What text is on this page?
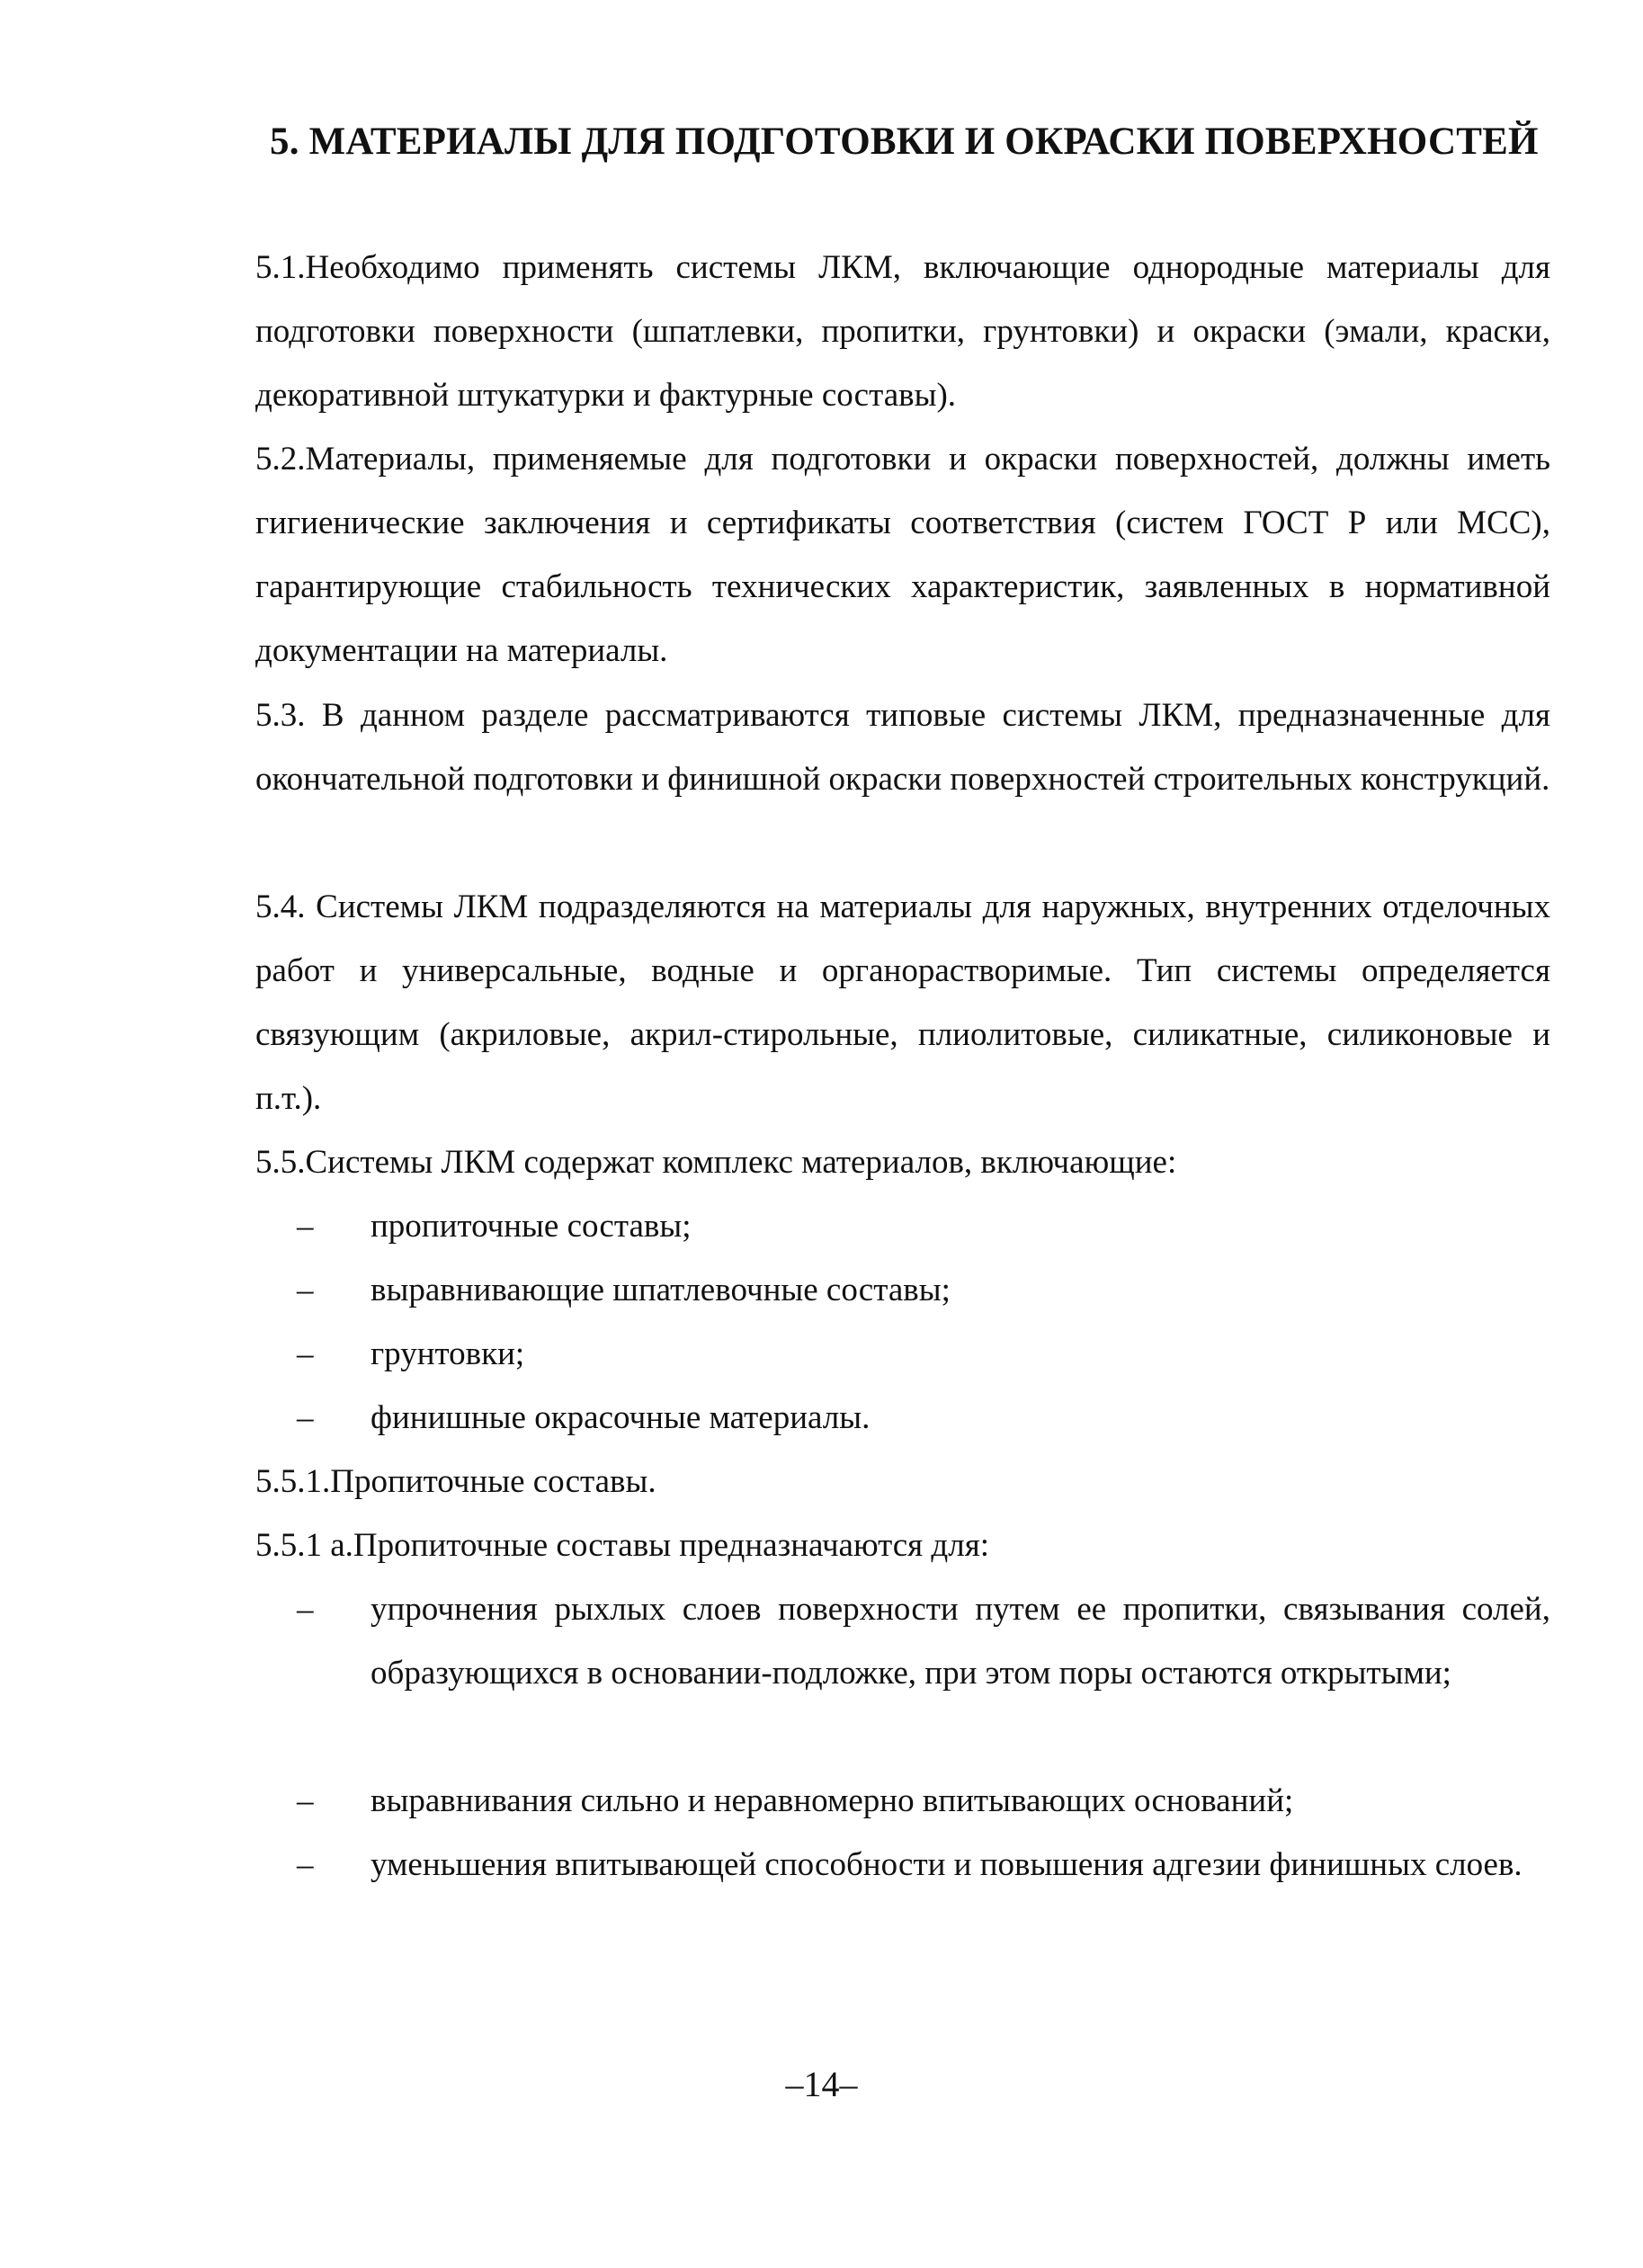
5. МАТЕРИАЛЫ ДЛЯ ПОДГОТОВКИ И ОКРАСКИ ПОВЕРХНОСТЕЙ
5.1.Необходимо применять системы ЛКМ, включающие однородные материалы для подготовки поверхности (шпатлевки, пропитки, грунтовки) и окраски (эмали, краски, декоративной штукатурки и фактурные составы).
5.2.Материалы, применяемые для подготовки и окраски поверхностей, должны иметь гигиенические заключения и сертификаты соответствия (систем ГОСТ Р или МСС), гарантирующие стабильность технических характеристик, заявленных в нормативной документации на материалы.
5.3. В данном разделе рассматриваются типовые системы ЛКМ, предназначенные для окончательной подготовки и финишной окраски поверхностей строительных конструкций.
5.4. Системы ЛКМ подразделяются на материалы для наружных, внутренних отделочных работ и универсальные, водные и органорастворимые. Тип системы определяется связующим (акриловые, акрил-стирольные, плиолитовые, силикатные, силиконовые и п.т.).
5.5.Системы ЛКМ содержат комплекс материалов, включающие:
–	пропиточные составы;
–	выравнивающие шпатлевочные составы;
–	грунтовки;
–	финишные окрасочные материалы.
5.5.1.Пропиточные составы.
5.5.1 а.Пропиточные составы предназначаются для:
–	упрочнения рыхлых слоев поверхности путем ее пропитки, связывания солей, образующихся в основании-подложке, при этом поры остаются открытыми;
–	выравнивания сильно и неравномерно впитывающих оснований;
–	уменьшения впитывающей способности и повышения адгезии финишных слоев.
–14–
